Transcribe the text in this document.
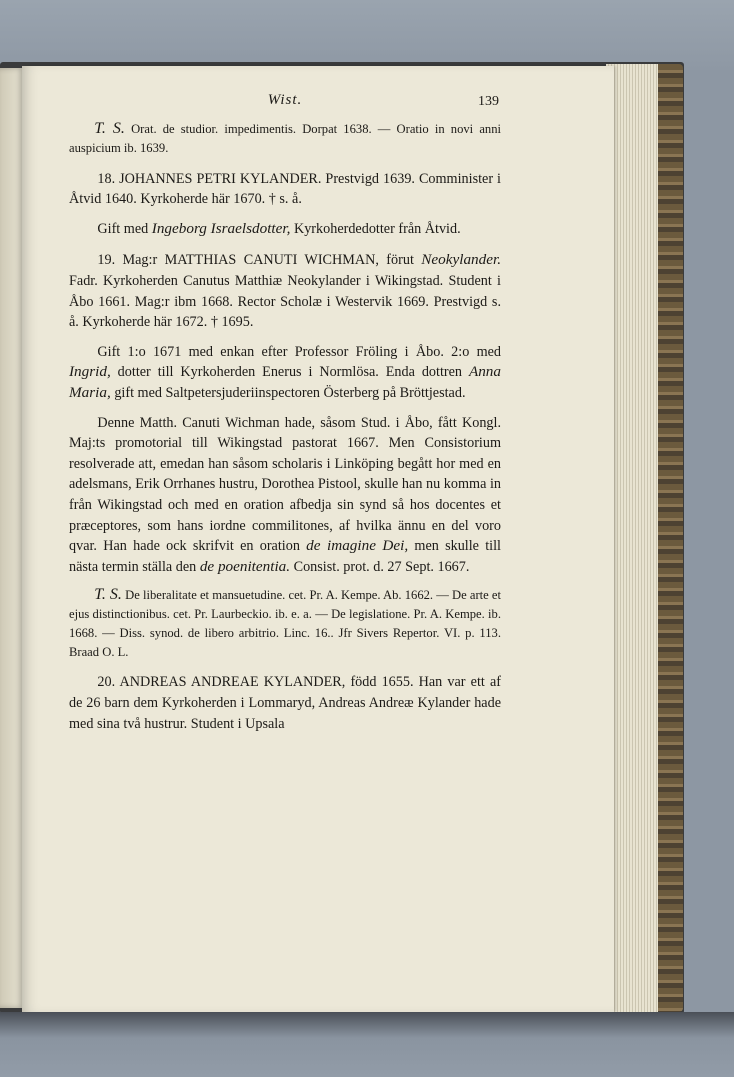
Wist.	139

T. S. Orat. de studior. impedimentis. Dorpat 1638. — Oratio in novi anni auspicium ib. 1639.

18. JOHANNES PETRI KYLANDER. Prestvigd 1639. Comminister i Åtvid 1640. Kyrkoherde här 1670. † s. å.

Gift med Ingeborg Israelsdotter, Kyrkoherdedotter från Åtvid.

19. Mag:r MATTHIAS CANUTI WICHMAN, förut Neokylander. Fadr. Kyrkoherden Canutus Matthiæ Neokylander i Wikingstad. Student i Åbo 1661. Mag:r ibm 1668. Rector Scholæ i Westervik 1669. Prestvigd s. å. Kyrkoherde här 1672. † 1695.

Gift 1:o 1671 med enkan efter Professor Fröling i Åbo. 2:o med Ingrid, dotter till Kyrkoherden Enerus i Normlösa. Enda dottren Anna Maria, gift med Saltpetersjuderiinspectoren Österberg på Bröttjestad.

Denne Matth. Canuti Wichman hade, såsom Stud. i Åbo, fått Kongl. Maj:ts promotorial till Wikingstad pastorat 1667. Men Consistorium resolverade att, emedan han såsom scholaris i Linköping begått hor med en adelsmans, Erik Orrhanes hustru, Dorothea Pistool, skulle han nu komma in från Wikingstad och med en oration afbedja sin synd så hos docentes et præceptores, som hans iordne commilitones, af hvilka ännu en del voro qvar. Han hade ock skrifvit en oration de imagine Dei, men skulle till nästa termin ställa den de poenitentia. Consist. prot. d. 27 Sept. 1667.

T. S. De liberalitate et mansuetudine. cet. Pr. A. Kempe. Ab. 1662. — De arte et ejus distinctionibus. cet. Pr. Laurbeckio. ib. e. a. — De legislatione. Pr. A. Kempe. ib. 1668. — Diss. synod. de libero arbitrio. Linc. 16.. Jfr Sivers Repertor. VI. p. 113. Braad O. L.

20. ANDREAS ANDREAE KYLANDER, född 1655. Han var ett af de 26 barn dem Kyrkoherden i Lommaryd, Andreas Andreæ Kylander hade med sina två hustrur. Student i Upsala
